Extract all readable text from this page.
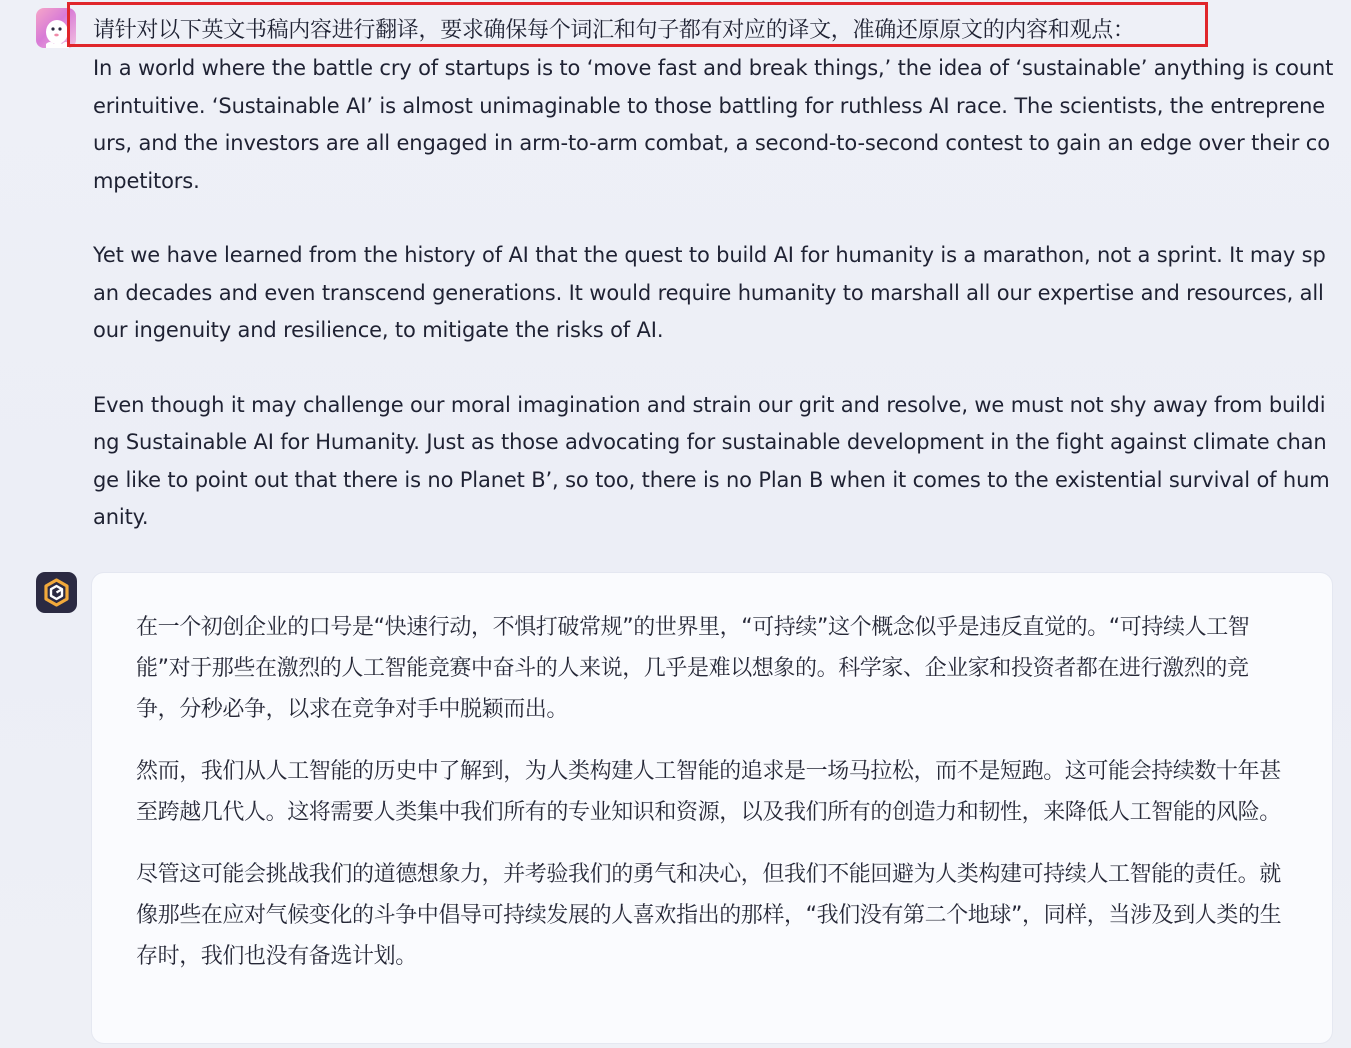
请针对以下英文书稿内容进行翻译，要求确保每个词汇和句子都有对应的译文，准确还原原文的内容和观点：

In a world where the battle cry of startups is to ‘move fast and break things,’ the idea of ‘sustainable’ anything is counterintuitive. ‘Sustainable AI’ is almost unimaginable to those battling for ruthless AI race. The scientists, the entrepreneurs, and the investors are all engaged in arm-to-arm combat, a second-to-second contest to gain an edge over their competitors.

Yet we have learned from the history of AI that the quest to build AI for humanity is a marathon, not a sprint. It may span decades and even transcend generations. It would require humanity to marshall all our expertise and resources, all our ingenuity and resilience, to mitigate the risks of AI.

Even though it may challenge our moral imagination and strain our grit and resolve, we must not shy away from building Sustainable AI for Humanity. Just as those advocating for sustainable development in the fight against climate change like to point out that there is no Planet B’, so too, there is no Plan B when it comes to the existential survival of humanity.

在一个初创企业的口号是“快速行动，不惧打破常规”的世界里，“可持续”这个概念似乎是违反直觉的。“可持续人工智能”对于那些在激烈的人工智能竞赛中奋斗的人来说，几乎是难以想象的。科学家、企业家和投资者都在进行激烈的竞争，分秒必争，以求在竞争对手中脱颖而出。

然而，我们从人工智能的历史中了解到，为人类构建人工智能的追求是一场马拉松，而不是短跑。这可能会持续数十年甚至跨越几代人。这将需要人类集中我们所有的专业知识和资源，以及我们所有的创造力和韧性，来降低人工智能的风险。

尽管这可能会挑战我们的道德想象力，并考验我们的勇气和决心，但我们不能回避为人类构建可持续人工智能的责任。就像那些在应对气候变化的斗争中倡导可持续发展的人喜欢指出的那样，“我们没有第二个地球”，同样，当涉及到人类的生存时，我们也没有备选计划。
